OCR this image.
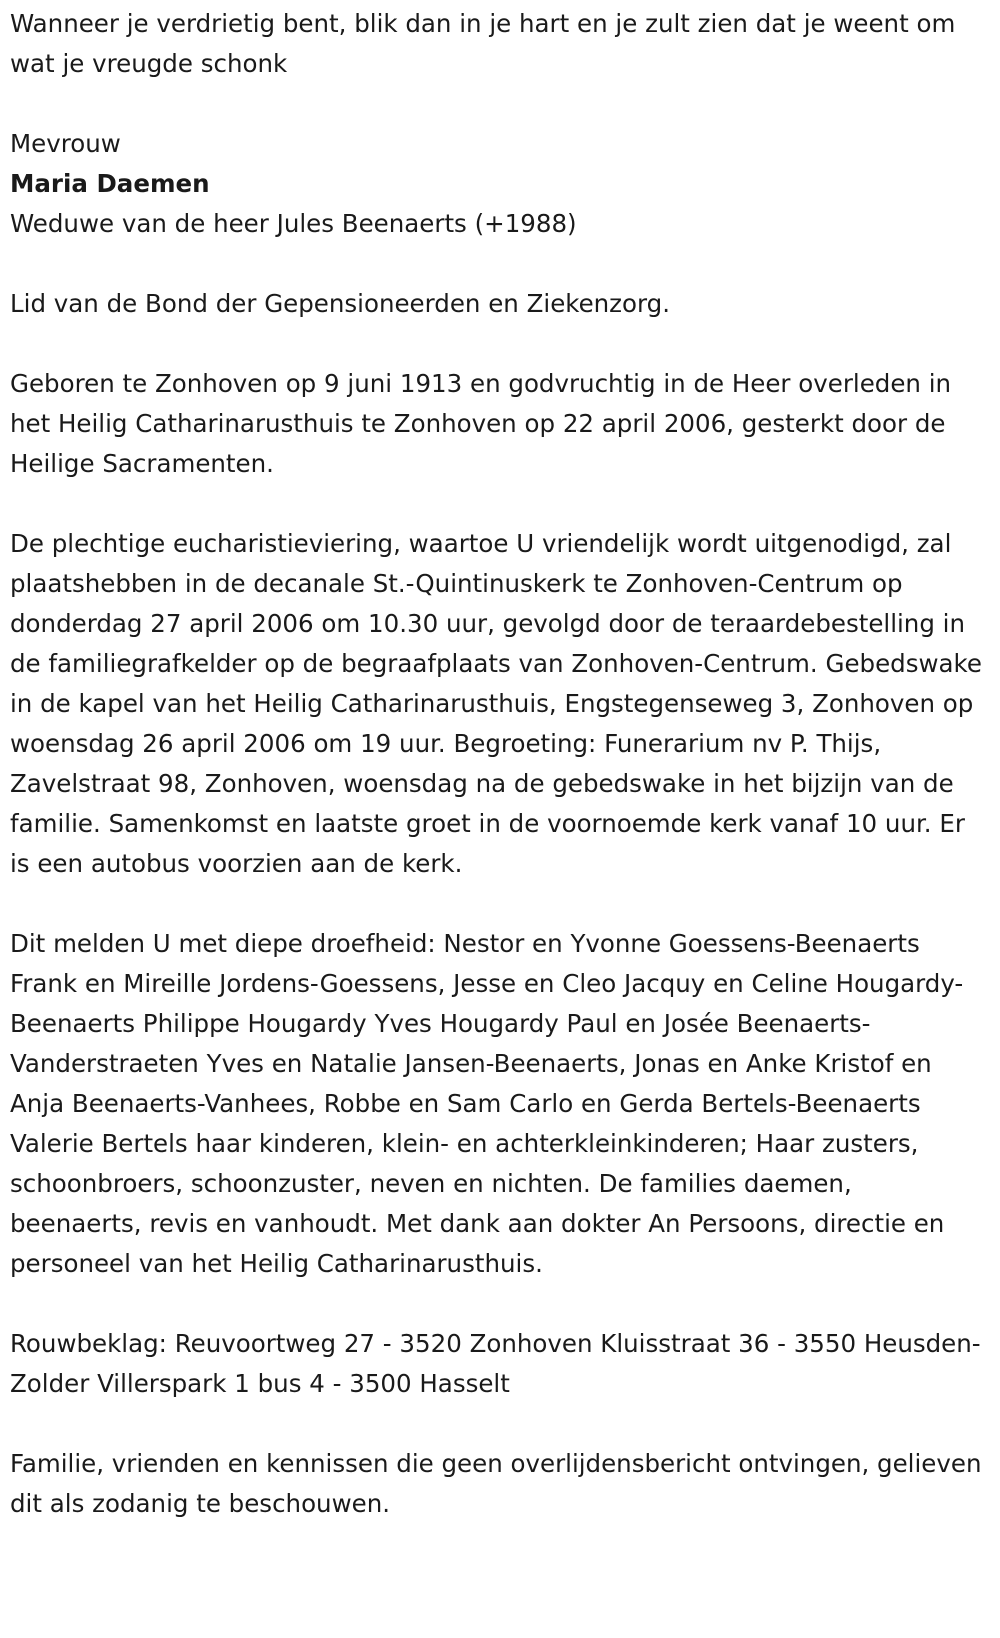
Wanneer je verdrietig bent, blik dan in je hart en je zult zien dat je weent om wat je vreugde schonk

Mevrouw

Maria Daemen

Weduwe van de heer Jules Beenaerts (+1988)

Lid van de Bond der Gepensioneerden en Ziekenzorg.

Geboren te Zonhoven op 9 juni 1913 en godvruchtig in de Heer overleden in het Heilig Catharinarusthuis te Zonhoven op 22 april 2006, gesterkt door de Heilige Sacramenten.

De plechtige eucharistieviering, waartoe U vriendelijk wordt uitgenodigd, zal plaatshebben in de decanale St.-Quintinuskerk te Zonhoven-Centrum op donderdag 27 april 2006 om 10.30 uur, gevolgd door de teraardebestelling in de familiegrafkelder op de begraafplaats van Zonhoven-Centrum. Gebedswake in de kapel van het Heilig Catharinarusthuis, Engstegenseweg 3, Zonhoven op woensdag 26 april 2006 om 19 uur. Begroeting: Funerarium nv P. Thijs, Zavelstraat 98, Zonhoven, woensdag na de gebedswake in het bijzijn van de familie. Samenkomst en laatste groet in de voornoemde kerk vanaf 10 uur. Er is een autobus voorzien aan de kerk.

Dit melden U met diepe droefheid: Nestor en Yvonne Goessens-Beenaerts Frank en Mireille Jordens-Goessens, Jesse en Cleo Jacquy en Celine Hougardy-Beenaerts Philippe Hougardy Yves Hougardy Paul en Josée Beenaerts-Vanderstraeten Yves en Natalie Jansen-Beenaerts, Jonas en Anke Kristof en Anja Beenaerts-Vanhees, Robbe en Sam Carlo en Gerda Bertels-Beenaerts Valerie Bertels haar kinderen, klein- en achterkleinkinderen; Haar zusters, schoonbroers, schoonzuster, neven en nichten. De families daemen, beenaerts, revis en vanhoudt. Met dank aan dokter An Persoons, directie en personeel van het Heilig Catharinarusthuis.

Rouwbeklag: Reuvoortweg 27 - 3520 Zonhoven Kluisstraat 36 - 3550 Heusden-Zolder Villerspark 1 bus 4 - 3500 Hasselt

Familie, vrienden en kennissen die geen overlijdensbericht ontvingen, gelieven dit als zodanig te beschouwen.
